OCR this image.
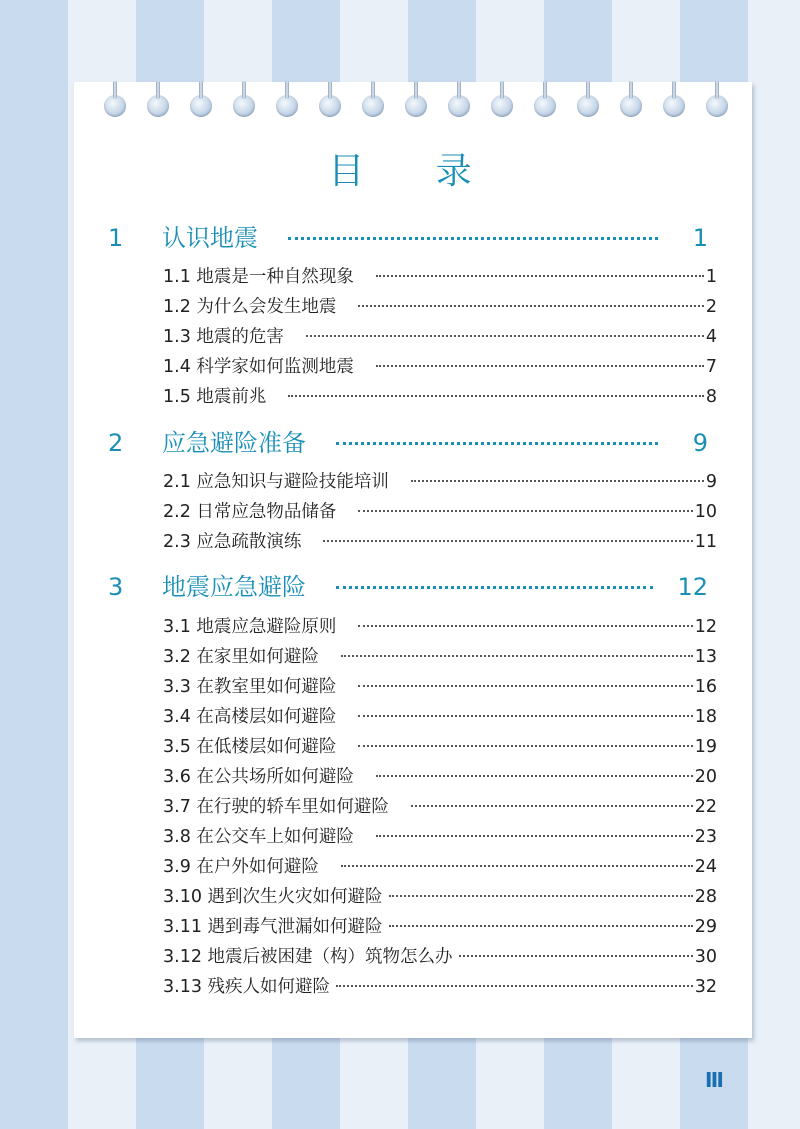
目 录
1	认识地震	1
1.1 地震是一种自然现象	1
1.2 为什么会发生地震	2
1.3 地震的危害	4
1.4 科学家如何监测地震	7
1.5 地震前兆	8
2	应急避险准备	9
2.1 应急知识与避险技能培训	9
2.2 日常应急物品储备	10
2.3 应急疏散演练	11
3	地震应急避险	12
3.1 地震应急避险原则	12
3.2 在家里如何避险	13
3.3 在教室里如何避险	16
3.4 在高楼层如何避险	18
3.5 在低楼层如何避险	19
3.6 在公共场所如何避险	20
3.7 在行驶的轿车里如何避险	22
3.8 在公交车上如何避险	23
3.9 在户外如何避险	24
3.10 遇到次生火灾如何避险	28
3.11 遇到毒气泄漏如何避险	29
3.12 地震后被困建（构）筑物怎么办	30
3.13 残疾人如何避险	32
Ⅲ
